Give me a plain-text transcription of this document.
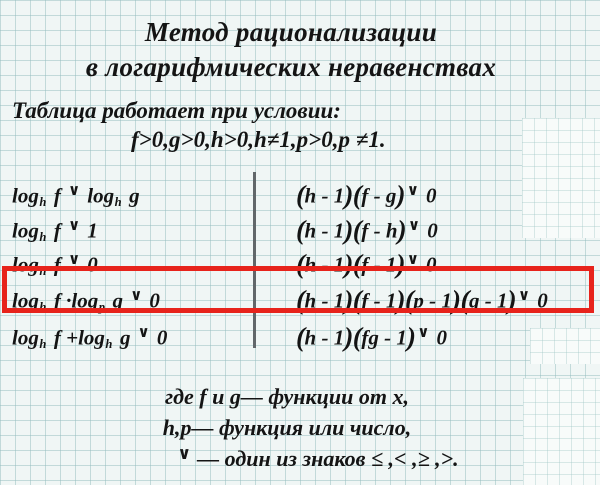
Метод рационализации
в логарифмических неравенствах
Таблица работает при условии:
f>0,g>0,h>0,h≠1,p>0,p ≠1.
$\log_h f$ ∨ $\log_h g$	(h - 1)(f - g) ∨ 0
$\log_h f$ ∨ 1	(h - 1)(f - h) ∨ 0
$\log_h f$ ∨ 0	(h - 1)(f - 1) ∨ 0
$\log_h f \cdot\log_p$ g ∨ 0	(h - 1)(f - 1)(p - 1)(g - 1) ∨ 0
$\log_h f +\log_h$ g ∨ 0	(h - 1)(fg - 1) ∨ 0
где f и g— функции от x,
h,p— функция или число,
∨ — один из знаков ≤ ,< ,≥ ,>.
